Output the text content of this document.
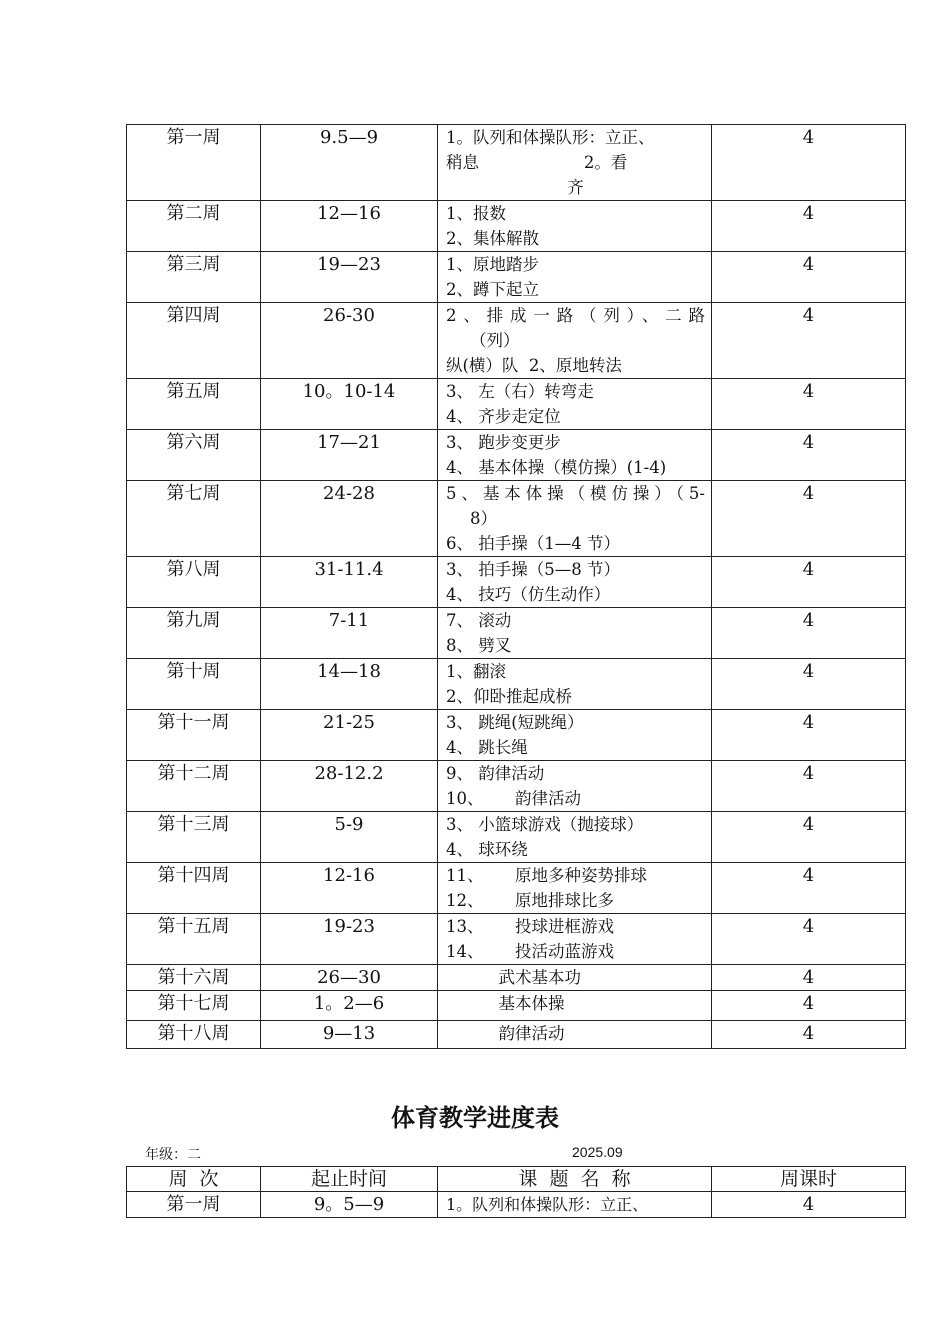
第一周	9.5—9	1。队列和体操队形：立正、
稍息                    2。看
齐	4
第二周	12—16	1、报数
2、集体解散	4
第三周	19—23	1、原地踏步
2、蹲下起立	4
第四周	26-30	2、排成一路（列）、二路
（列）
纵(横）队  2、原地转法	4
第五周	10。10-14	3、 左（右）转弯走
4、 齐步走定位	4
第六周	17—21	3、 跑步变更步
4、 基本体操（模仿操）(1-4)	4
第七周	24-28	5、基本体操（模仿操）（5-
8）
6、 拍手操（1—4 节）	4
第八周	31-11.4	3、 拍手操（5—8 节）
4、 技巧（仿生动作）	4
第九周	7-11	7、 滚动
8、 劈叉	4
第十周	14—18	1、翻滚
2、仰卧推起成桥	4
第十一周	21-25	3、 跳绳(短跳绳）
4、 跳长绳	4
第十二周	28-12.2	9、 韵律活动
10、      韵律活动	4
第十三周	5-9	3、 小篮球游戏（抛接球）
4、 球环绕	4
第十四周	12-16	11、      原地多种姿势排球
12、      原地排球比多	4
第十五周	19-23	13、      投球进框游戏
14、      投活动蓝游戏	4
第十六周	26—30	武术基本功	4
第十七周	1。2—6	基本体操	4
第十八周	9—13	韵律活动	4
体育教学进度表
年级：二	2025.09
周  次	起止时间	课  题  名  称	周课时
第一周	9。5—9	1。队列和体操队形：立正、	4
